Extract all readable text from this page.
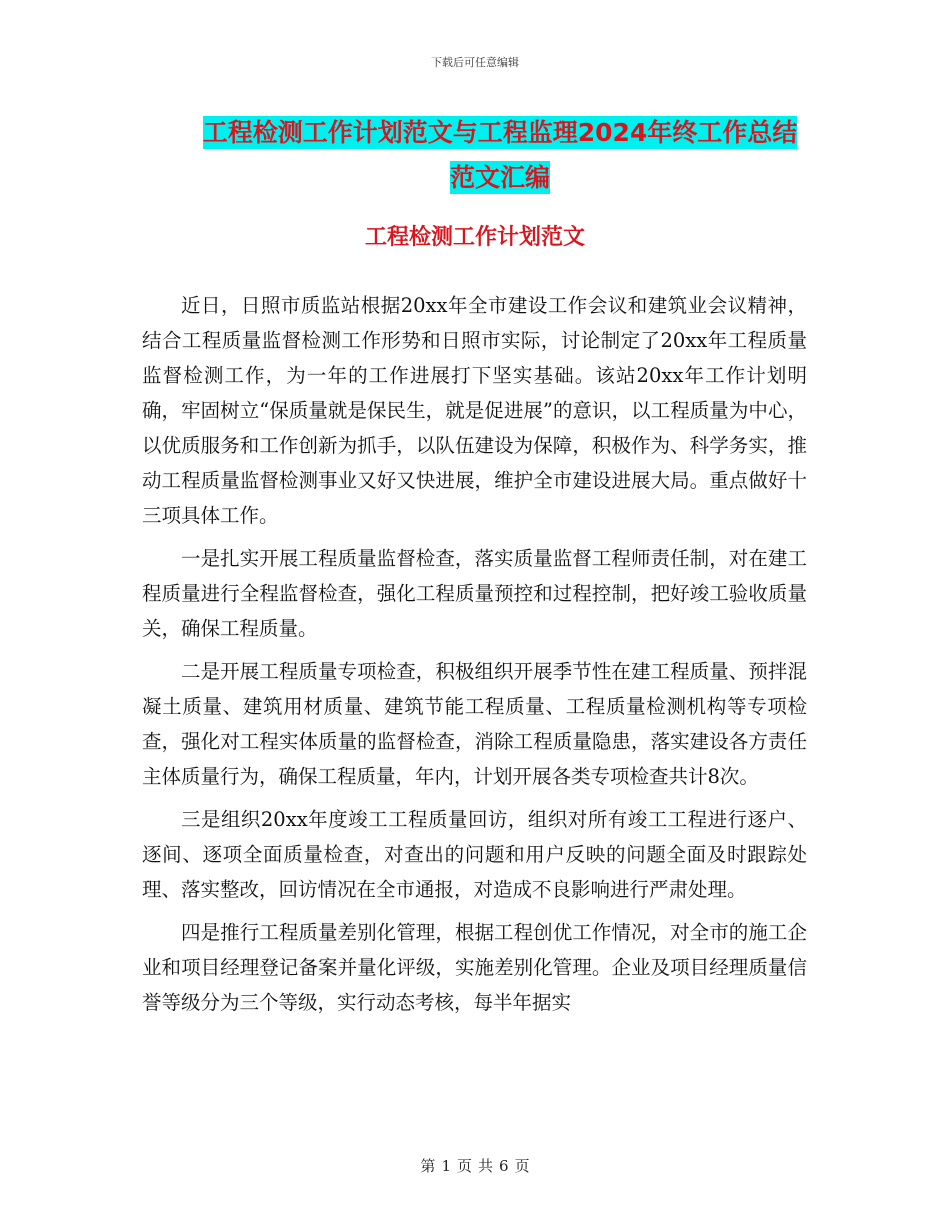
下载后可任意编辑
工程检测工作计划范文与工程监理2024年终工作总结
范文汇编
工程检测工作计划范文

近日，日照市质监站根据20xx年全市建设工作会议和建筑业会议精神，结合工程质量监督检测工作形势和日照市实际，讨论制定了20xx年工程质量监督检测工作，为一年的工作进展打下坚实基础。该站20xx年工作计划明确，牢固树立“保质量就是保民生，就是促进展”的意识，以工程质量为中心，以优质服务和工作创新为抓手，以队伍建设为保障，积极作为、科学务实，推动工程质量监督检测事业又好又快进展，维护全市建设进展大局。重点做好十三项具体工作。

一是扎实开展工程质量监督检查，落实质量监督工程师责任制，对在建工程质量进行全程监督检查，强化工程质量预控和过程控制，把好竣工验收质量关，确保工程质量。

二是开展工程质量专项检查，积极组织开展季节性在建工程质量、预拌混凝土质量、建筑用材质量、建筑节能工程质量、工程质量检测机构等专项检查，强化对工程实体质量的监督检查，消除工程质量隐患，落实建设各方责任主体质量行为，确保工程质量，年内，计划开展各类专项检查共计8次。

三是组织20xx年度竣工工程质量回访，组织对所有竣工工程进行逐户、逐间、逐项全面质量检查，对查出的问题和用户反映的问题全面及时跟踪处理、落实整改，回访情况在全市通报，对造成不良影响进行严肃处理。

四是推行工程质量差别化管理，根据工程创优工作情况，对全市的施工企业和项目经理登记备案并量化评级，实施差别化管理。企业及项目经理质量信誉等级分为三个等级，实行动态考核，每半年据实

第 1 页 共 6 页
